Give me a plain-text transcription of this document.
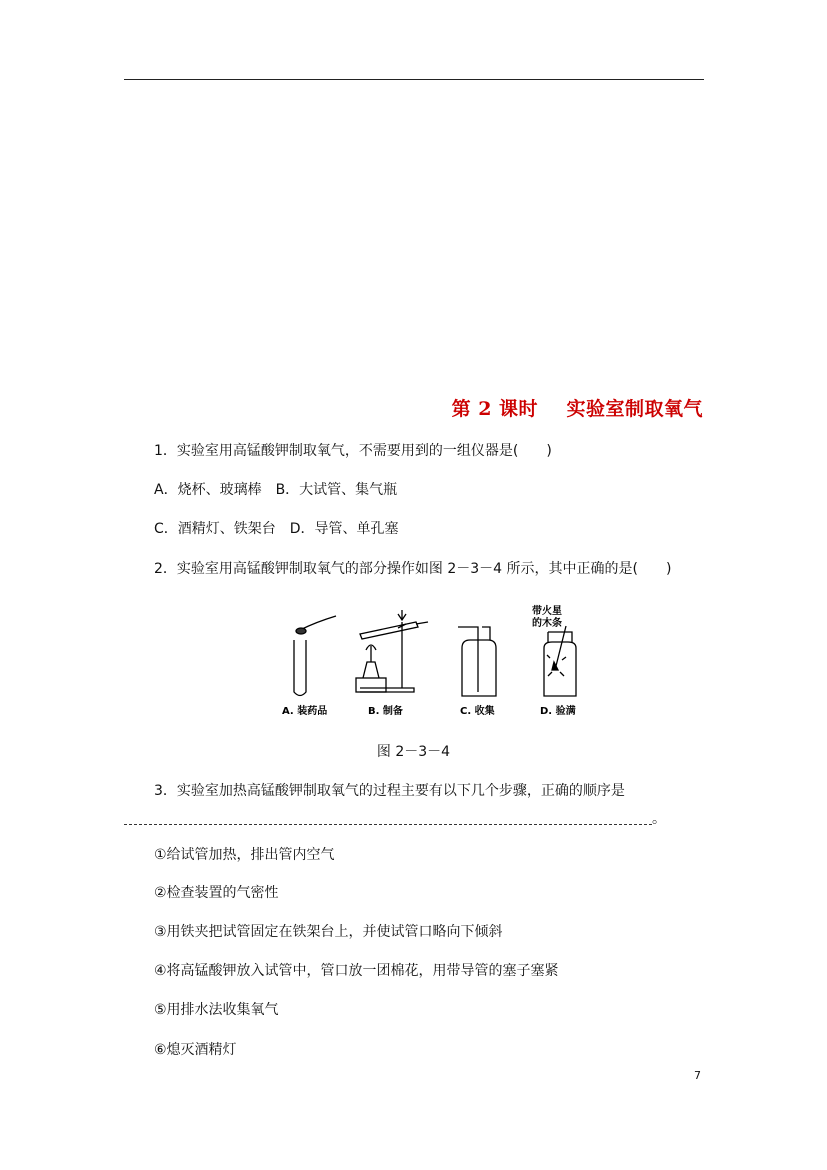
第 2 课时    实验室制取氧气
1．实验室用高锰酸钾制取氧气，不需要用到的一组仪器是(　　)
A．烧杯、玻璃棒　B．大试管、集气瓶
C．酒精灯、铁架台　D．导管、单孔塞
2．实验室用高锰酸钾制取氧气的部分操作如图 2－3－4 所示，其中正确的是(　　)
带火星
的木条
A. 装药品	B. 制备	C. 收集	D. 验满
图 2－3－4
3．实验室加热高锰酸钾制取氧气的过程主要有以下几个步骤，正确的顺序是
。
①给试管加热，排出管内空气
②检查装置的气密性
③用铁夹把试管固定在铁架台上，并使试管口略向下倾斜
④将高锰酸钾放入试管中，管口放一团棉花，用带导管的塞子塞紧
⑤用排水法收集氧气
⑥熄灭酒精灯
7
